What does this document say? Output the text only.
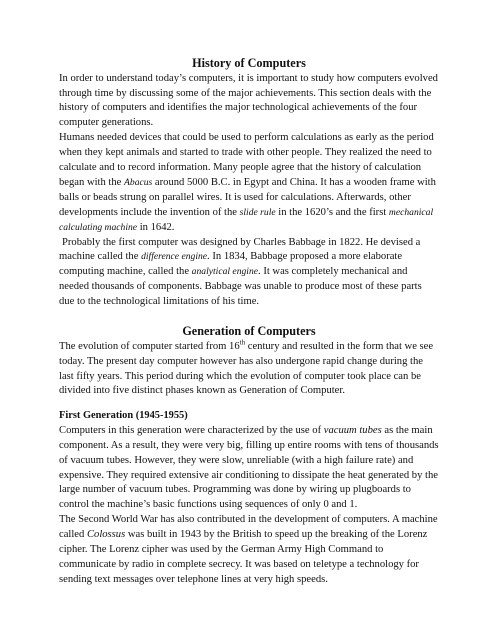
History of Computers

In order to understand today’s computers, it is important to study how computers evolved through time by discussing some of the major achievements. This section deals with the history of computers and identifies the major technological achievements of the four computer generations.

Humans needed devices that could be used to perform calculations as early as the period when they kept animals and started to trade with other people. They realized the need to calculate and to record information. Many people agree that the history of calculation began with the Abacus around 5000 B.C. in Egypt and China. It has a wooden frame with balls or beads strung on parallel wires. It is used for calculations. Afterwards, other developments include the invention of the slide rule in the 1620’s and the first mechanical calculating machine in 1642.

Probably the first computer was designed by Charles Babbage in 1822. He devised a machine called the difference engine. In 1834, Babbage proposed a more elaborate computing machine, called the analytical engine. It was completely mechanical and needed thousands of components. Babbage was unable to produce most of these parts due to the technological limitations of his time.

Generation of Computers

The evolution of computer started from 16th century and resulted in the form that we see today. The present day computer however has also undergone rapid change during the last fifty years. This period during which the evolution of computer took place can be divided into five distinct phases known as Generation of Computer.

First Generation (1945-1955)

Computers in this generation were characterized by the use of vacuum tubes as the main component. As a result, they were very big, filling up entire rooms with tens of thousands of vacuum tubes. However, they were slow, unreliable (with a high failure rate) and expensive. They required extensive air conditioning to dissipate the heat generated by the large number of vacuum tubes. Programming was done by wiring up plugboards to control the machine’s basic functions using sequences of only 0 and 1.

The Second World War has also contributed in the development of computers. A machine called Colossus was built in 1943 by the British to speed up the breaking of the Lorenz cipher. The Lorenz cipher was used by the German Army High Command to communicate by radio in complete secrecy. It was based on teletype a technology for sending text messages over telephone lines at very high speeds.
